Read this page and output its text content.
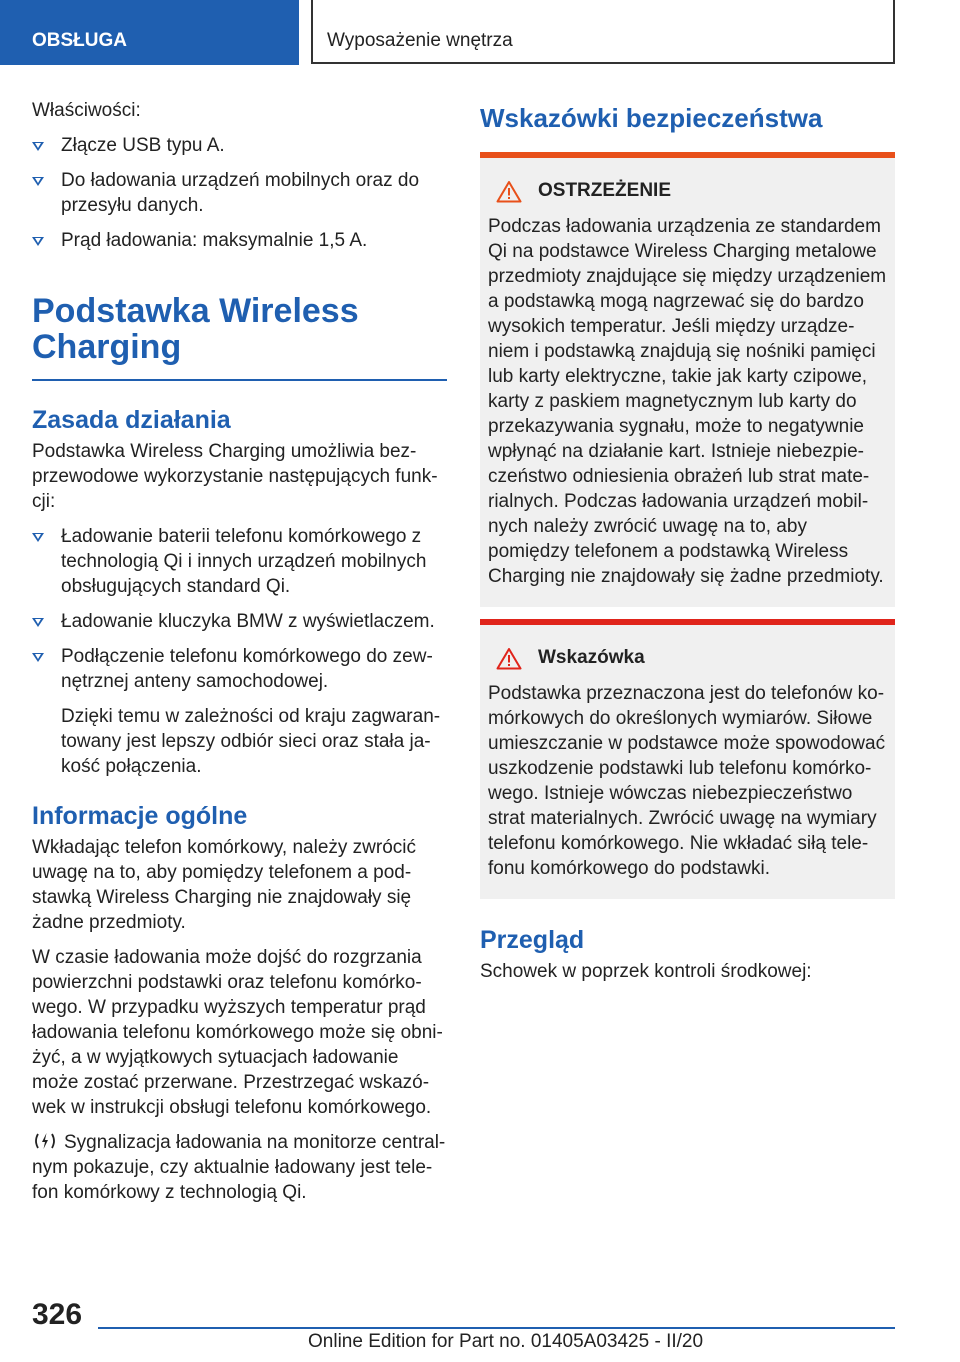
OBSŁUGA	Wyposażenie wnętrza

Właściwości:

Złącze USB typu A.
Do ładowania urządzeń mobilnych oraz do przesyłu danych.
Prąd ładowania: maksymalnie 1,5 A.
Podstawka Wireless Charging
Zasada działania

Podstawka Wireless Charging umożliwia bez-przewodowe wykorzystanie następujących funk-cji:

Ładowanie baterii telefonu komórkowego z technologią Qi i innych urządzeń mobilnych obsługujących standard Qi.
Ładowanie kluczyka BMW z wyświetlaczem.
Podłączenie telefonu komórkowego do zew-nętrznej anteny samochodowej.

Dzięki temu w zależności od kraju zagwaran-towany jest lepszy odbiór sieci oraz stała ja-kość połączenia.

Informacje ogólne

Wkładając telefon komórkowy, należy zwrócić uwagę na to, aby pomiędzy telefonem a pod-stawką Wireless Charging nie znajdowały się żadne przedmioty.

W czasie ładowania może dojść do rozgrzania powierzchni podstawki oraz telefonu komórko-wego. W przypadku wyższych temperatur prąd ładowania telefonu komórkowego może się obni-żyć, a w wyjątkowych sytuacjach ładowanie może zostać przerwane. Przestrzegać wskazó-wek w instrukcji obsługi telefonu komórkowego.

Sygnalizacja ładowania na monitorze central-nym pokazuje, czy aktualnie ładowany jest tele-fon komórkowy z technologią Qi.

Wskazówki bezpieczeństwa
OSTRZEŻENIE

Podczas ładowania urządzenia ze standardem Qi na podstawce Wireless Charging metalowe przedmioty znajdujące się między urządzeniem a podstawką mogą nagrzewać się do bardzo wysokich temperatur. Jeśli między urządze-niem i podstawką znajdują się nośniki pamięci lub karty elektryczne, takie jak karty czipowe, karty z paskiem magnetycznym lub karty do przekazywania sygnału, może to negatywnie wpłynąć na działanie kart. Istnieje niebezpie-czeństwo odniesienia obrażeń lub strat mate-rialnych. Podczas ładowania urządzeń mobil-nych należy zwrócić uwagę na to, aby pomiędzy telefonem a podstawką Wireless Charging nie znajdowały się żadne przedmioty.

Wskazówka

Podstawka przeznaczona jest do telefonów ko-mórkowych do określonych wymiarów. Siłowe umieszczanie w podstawce może spowodować uszkodzenie podstawki lub telefonu komórko-wego. Istnieje wówczas niebezpieczeństwo strat materialnych. Zwrócić uwagę na wymiary telefonu komórkowego. Nie wkładać siłą tele-fonu komórkowego do podstawki.

Przegląd

Schowek w poprzek kontroli środkowej:

326
Online Edition for Part no. 01405A03425 - II/20
